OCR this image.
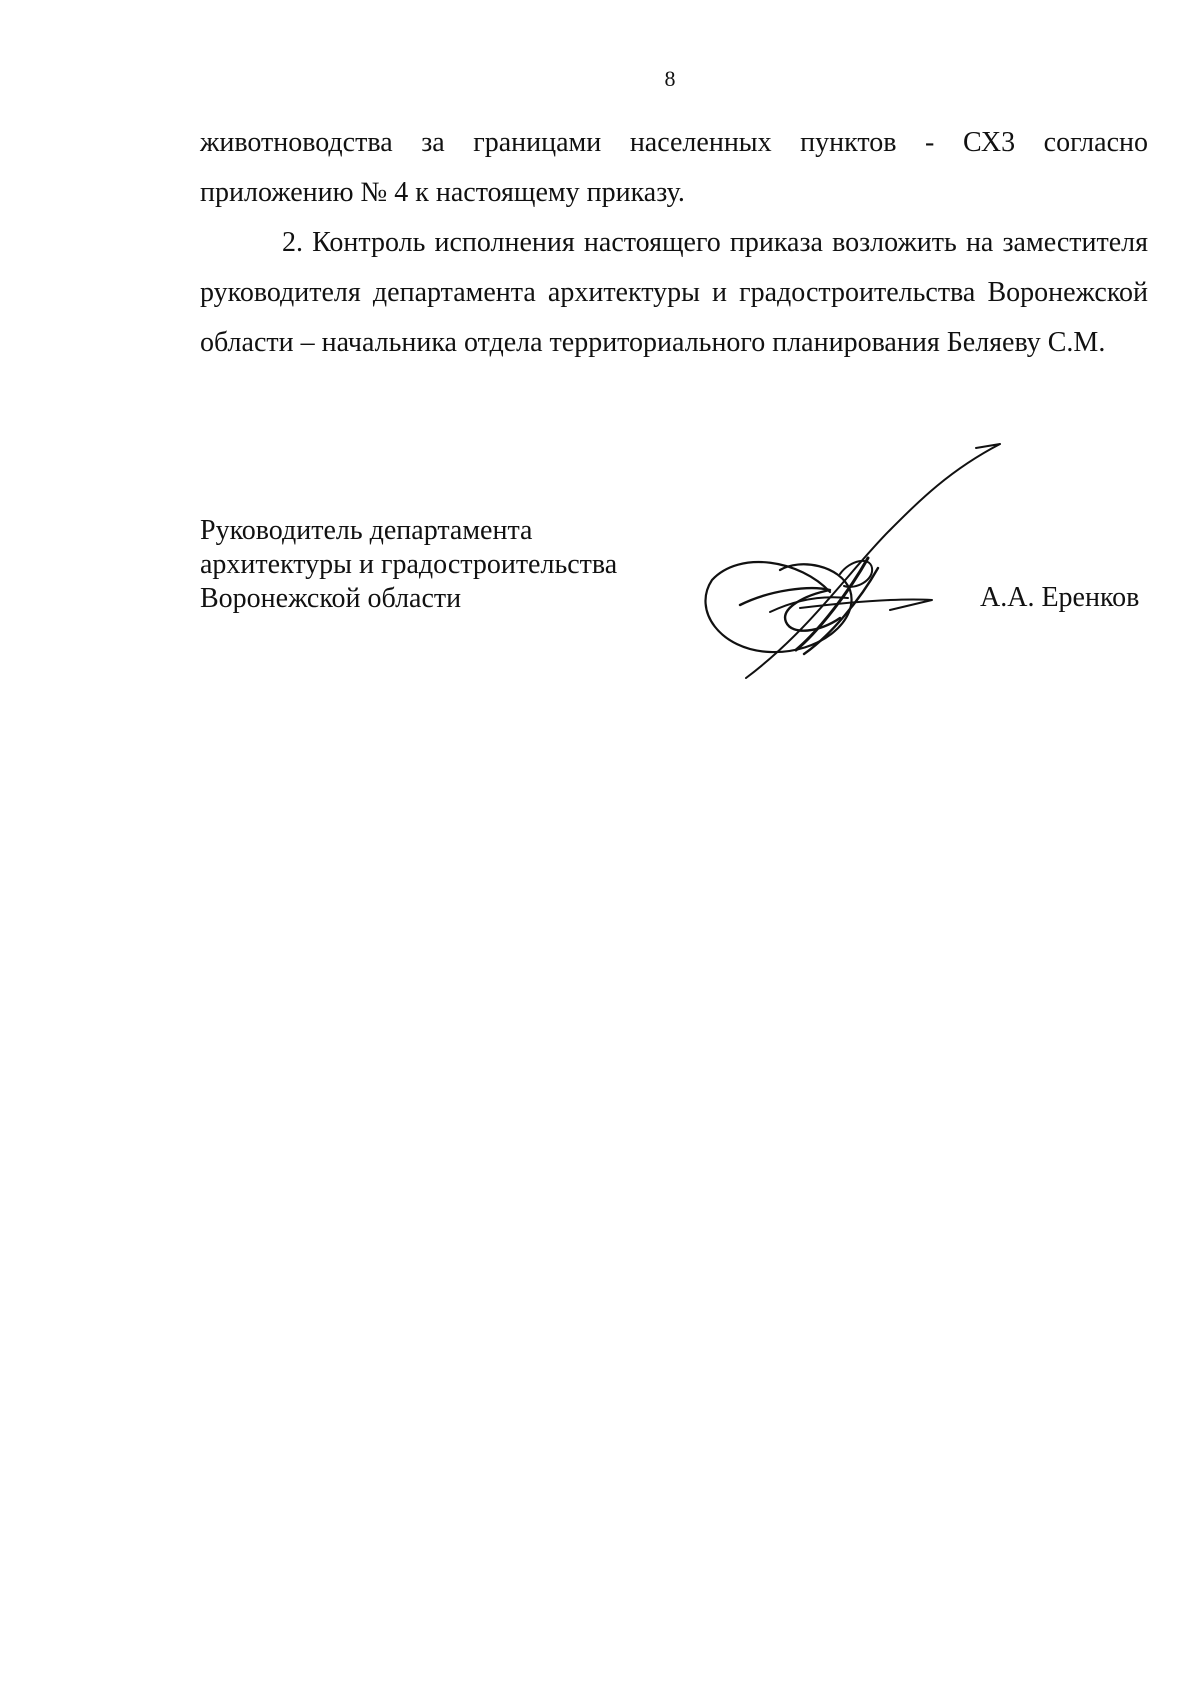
8

животноводства за границами населенных пунктов - СХ3 согласно приложению № 4 к настоящему приказу.

2. Контроль исполнения настоящего приказа возложить на заместителя руководителя департамента архитектуры и градостроительства Воронежской области – начальника отдела территориального планирования Беляеву С.М.

Руководитель департамента
архитектуры и градостроительства
Воронежской области	А.А. Еренков
